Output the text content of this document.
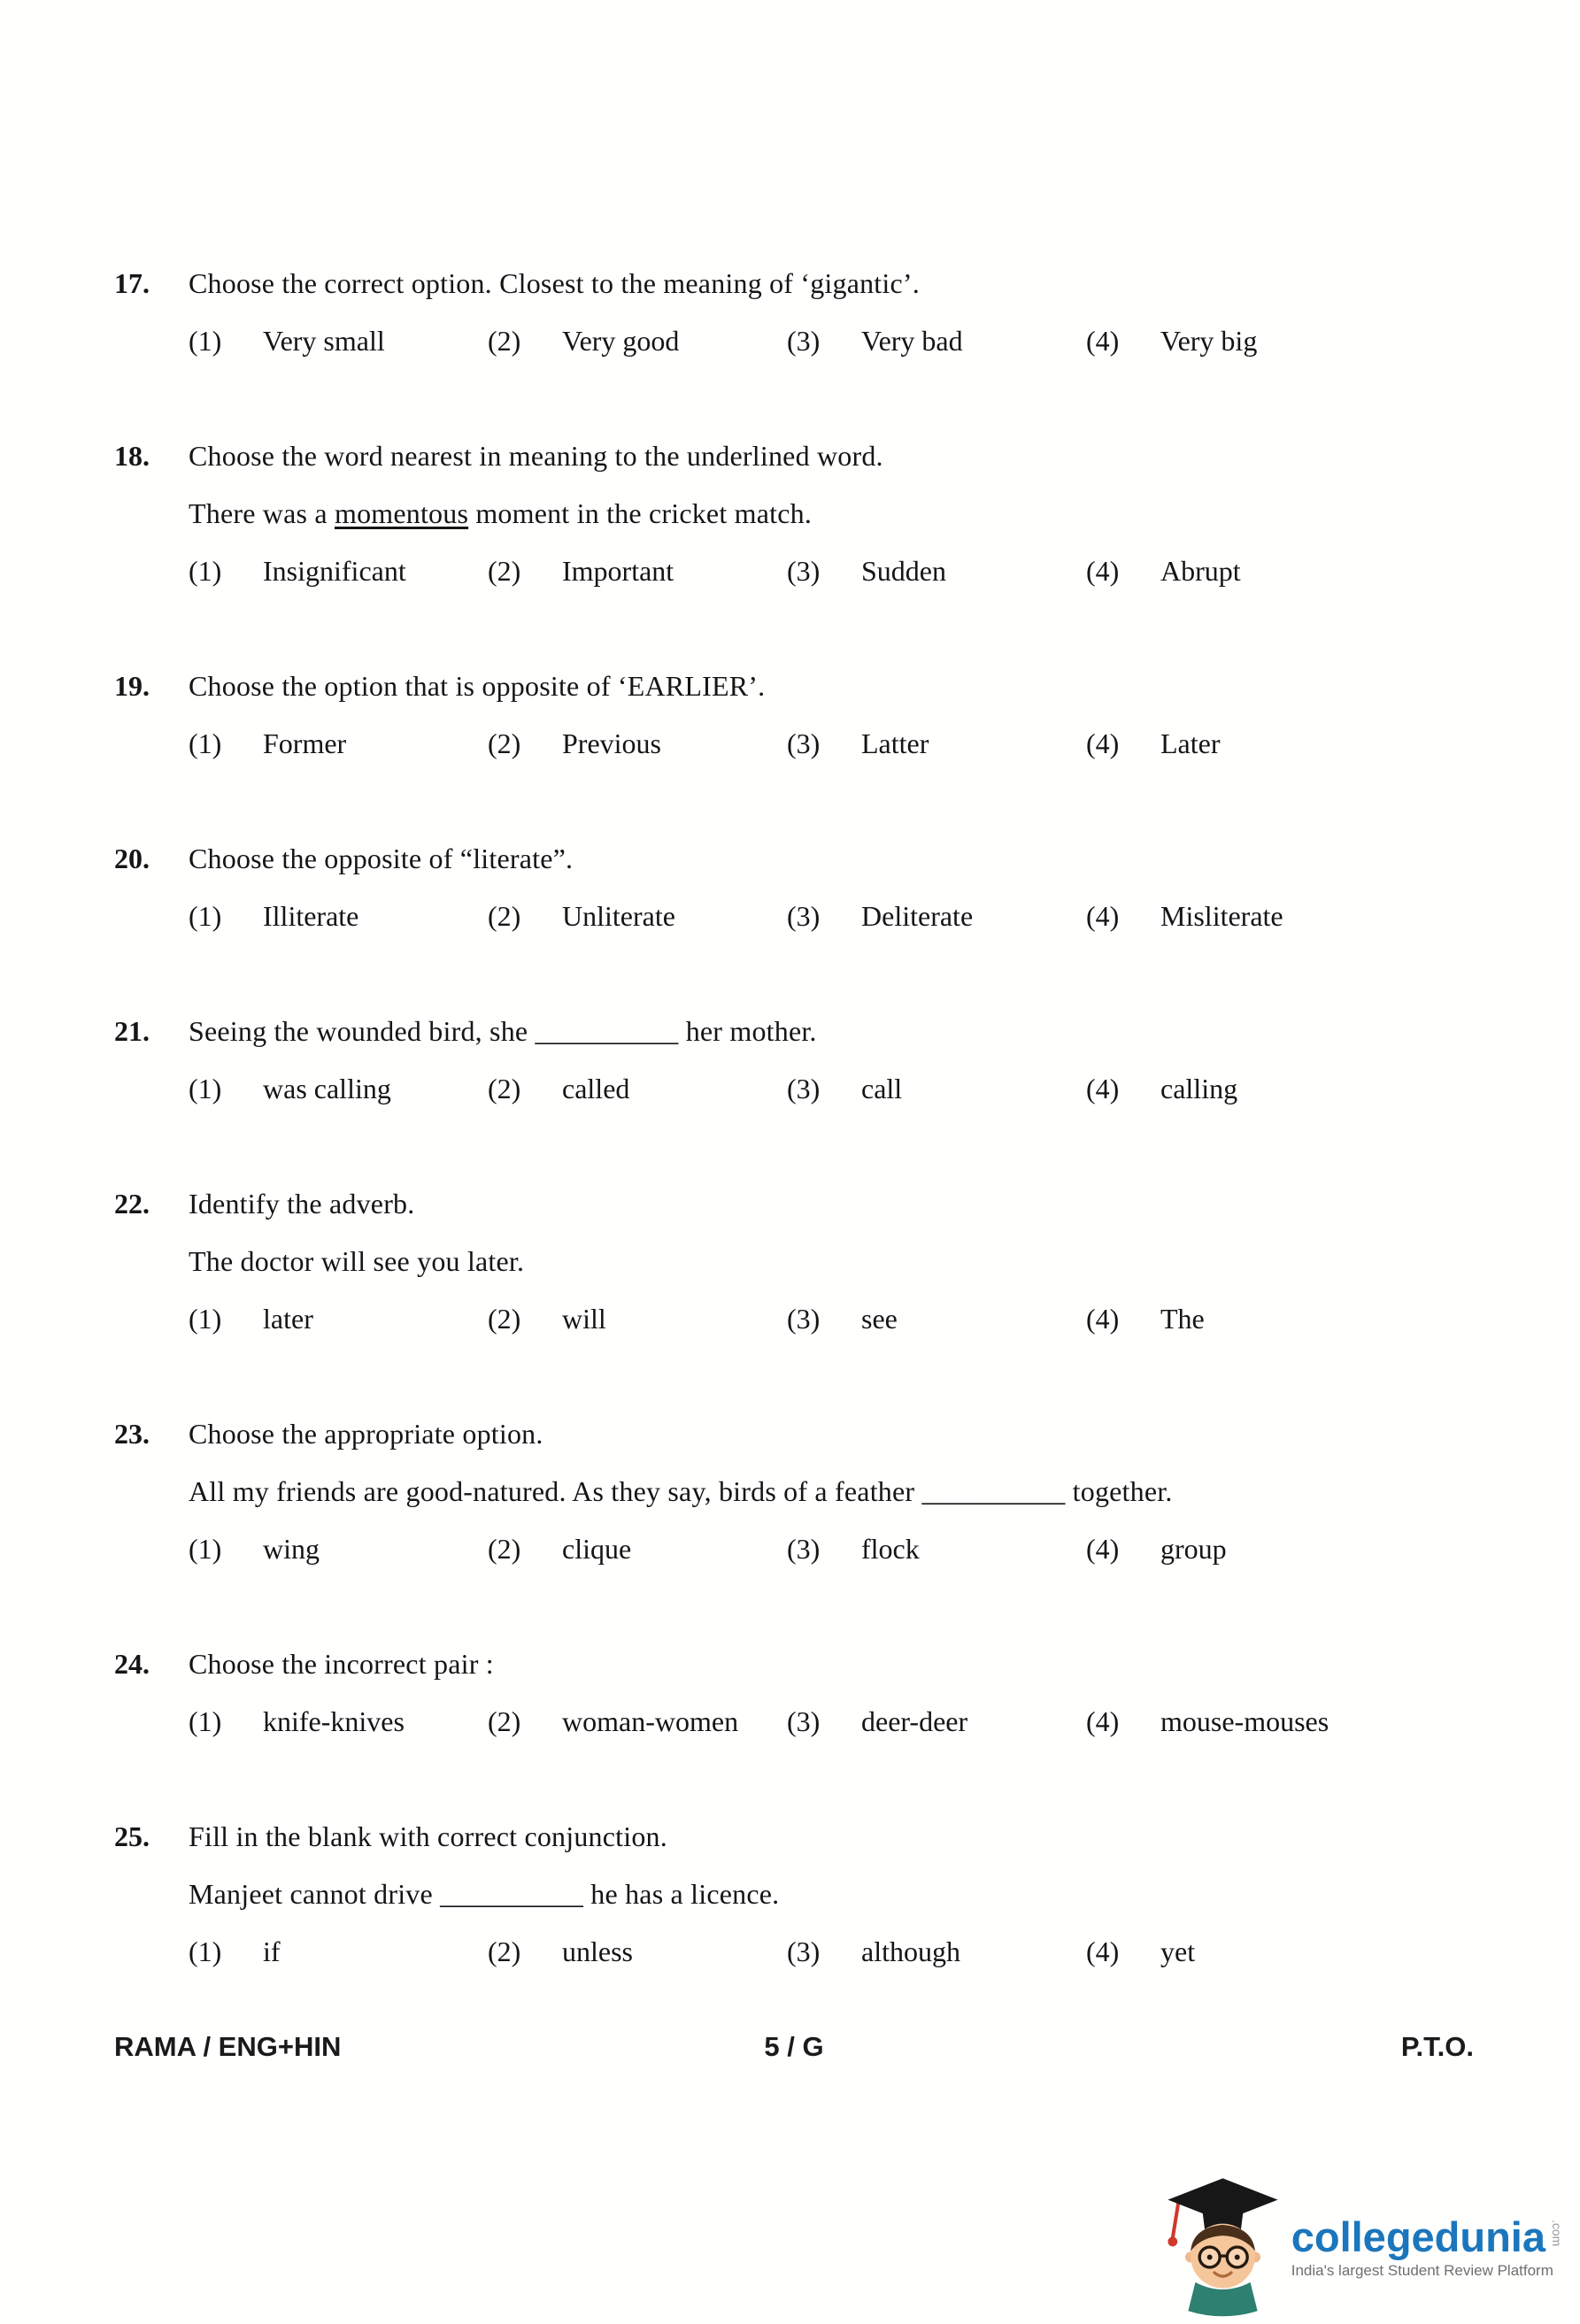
17.	Choose the correct option. Closest to the meaning of ‘gigantic’.
(1) Very small	(2) Very good	(3) Very bad	(4) Very big
18.	Choose the word nearest in meaning to the underlined word.
There was a momentous moment in the cricket match.
(1) Insignificant	(2) Important	(3) Sudden	(4) Abrupt
19.	Choose the option that is opposite of ‘EARLIER’.
(1) Former	(2) Previous	(3) Latter	(4) Later
20.	Choose the opposite of “literate”.
(1) Illiterate	(2) Unliterate	(3) Deliterate	(4) Misliterate
21.	Seeing the wounded bird, she __________ her mother.
(1) was calling	(2) called	(3) call	(4) calling
22.	Identify the adverb.
The doctor will see you later.
(1) later	(2) will	(3) see	(4) The
23.	Choose the appropriate option.
All my friends are good-natured. As they say, birds of a feather __________ together.
(1) wing	(2) clique	(3) flock	(4) group
24.	Choose the incorrect pair :
(1) knife-knives	(2) woman-women	(3) deer-deer	(4) mouse-mouses
25.	Fill in the blank with correct conjunction.
Manjeet cannot drive __________ he has a licence.
(1) if	(2) unless	(3) although	(4) yet
RAMA / ENG+HIN	5 / G	P.T.O.
collegedunia .com
India's largest Student Review Platform
